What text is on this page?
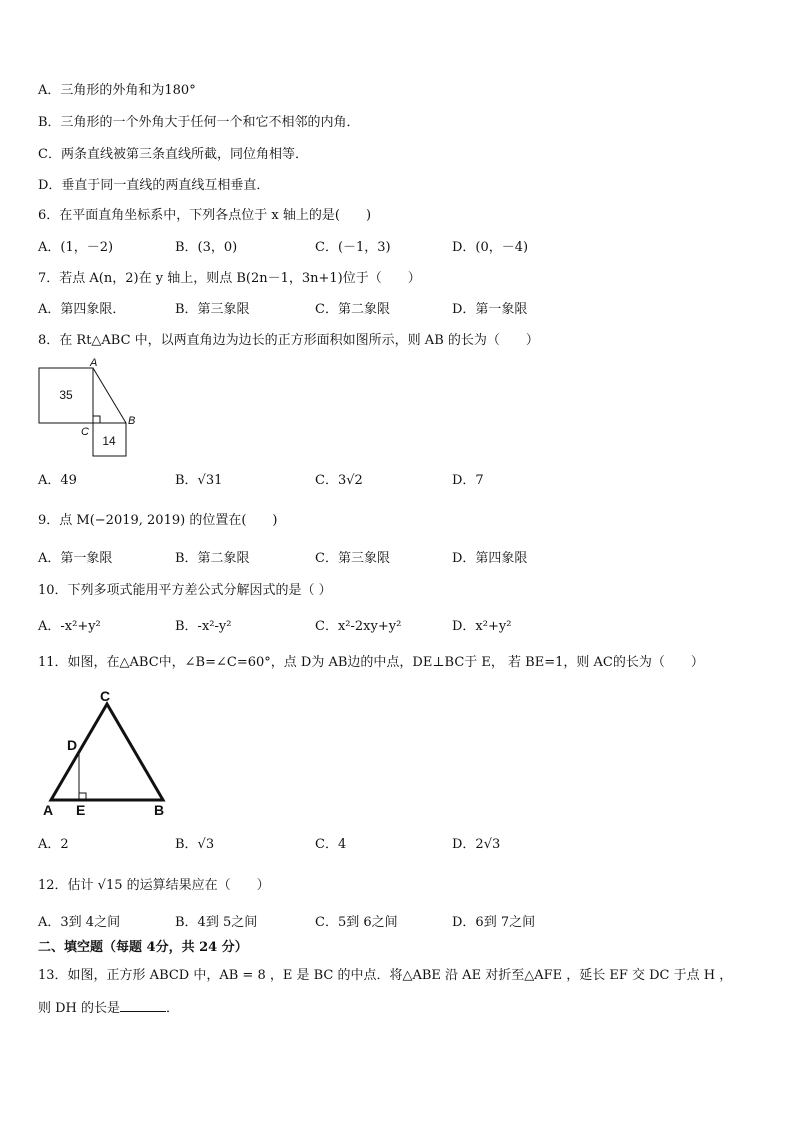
A．三角形的外角和为180°
B．三角形的一个外角大于任何一个和它不相邻的内角．
C．两条直线被第三条直线所截，同位角相等．
D．垂直于同一直线的两直线互相垂直．
6．在平面直角坐标系中，下列各点位于 x 轴上的是(　　)
A．(1，－2)	B．(3，0)	C．(－1，3)	D．(0，－4)
7．若点 A(n，2)在 y 轴上，则点 B(2n－1，3n+1)位于（　　）
A．第四象限．	B．第三象限	C．第二象限	D．第一象限
8．在 Rt△ABC 中，以两直角边为边长的正方形面积如图所示，则 AB 的长为（　　）
35
14
A
B
C
A．49	B．√31	C．3√2	D．7
9．点 M(−2019, 2019) 的位置在(　　)
A．第一象限	B．第二象限	C．第三象限	D．第四象限
10．下列多项式能用平方差公式分解因式的是（ ）
A．-x²+y²	B．-x²-y²	C．x²-2xy+y²	D．x²+y²
11．如图，在△ABC中，∠B=∠C=60°，点 D为 AB边的中点，DE⊥BC于 E， 若 BE=1，则 AC的长为（　　）
C
D
A E	B
A．2	B．√3	C．4	D．2√3
12．估计 √15 的运算结果应在（　　）
A．3到 4之间	B．4到 5之间	C．5到 6之间	D．6到 7之间
二、填空题（每题 4分，共 24 分）
13．如图，正方形 ABCD 中，AB = 8 ，E 是 BC 的中点．将△ABE 沿 AE 对折至△AFE ，延长 EF 交 DC 于点 H ，
则 DH 的长是	．
